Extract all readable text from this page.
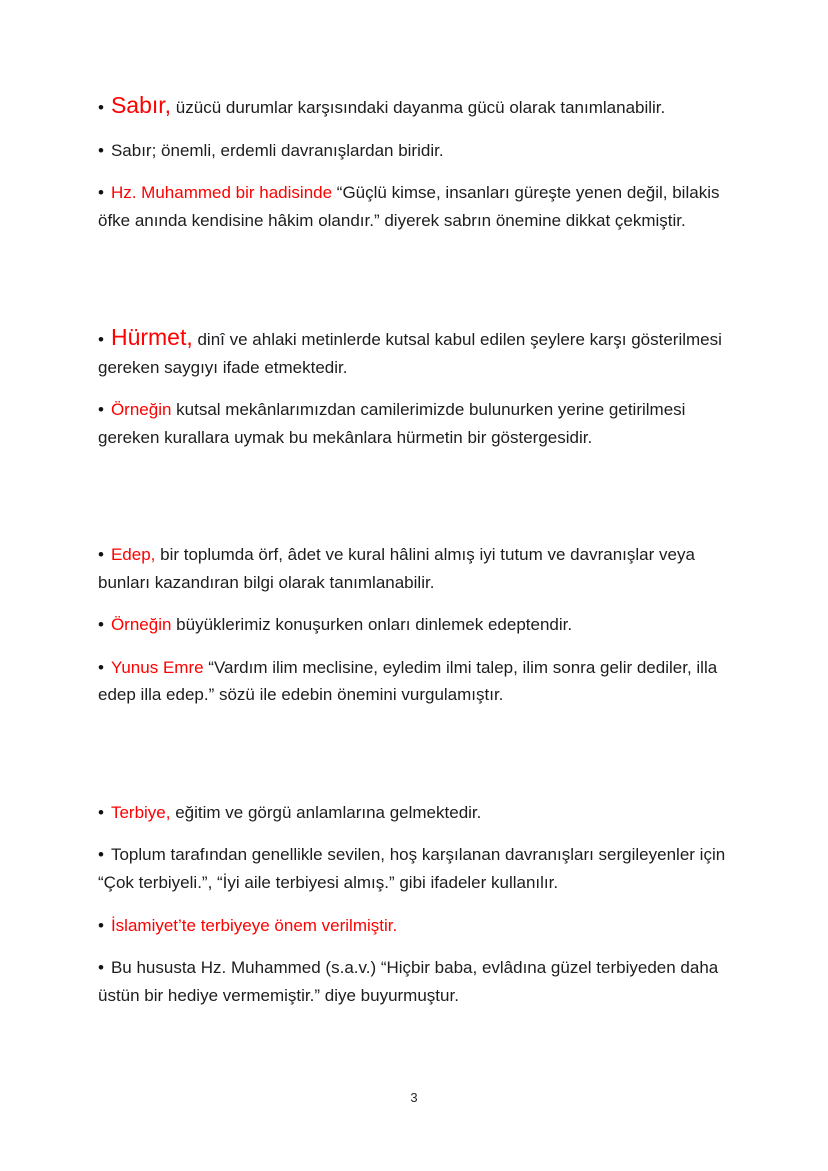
• Sabır, üzücü durumlar karşısındaki dayanma gücü olarak tanımlanabilir.

• Sabır; önemli, erdemli davranışlardan biridir.

• Hz. Muhammed bir hadisinde “Güçlü kimse, insanları güreşte yenen değil, bilakis öfke anında kendisine hâkim olandır.” diyerek sabrın önemine dikkat çekmiştir.

• Hürmet, dinî ve ahlaki metinlerde kutsal kabul edilen şeylere karşı gösterilmesi gereken saygıyı ifade etmektedir.

• Örneğin kutsal mekânlarımızdan camilerimizde bulunurken yerine getirilmesi gereken kurallara uymak bu mekânlara hürmetin bir göstergesidir.

• Edep, bir toplumda örf, âdet ve kural hâlini almış iyi tutum ve davranışlar veya bunları kazandıran bilgi olarak tanımlanabilir.

• Örneğin büyüklerimiz konuşurken onları dinlemek edeptendir.

• Yunus Emre “Vardım ilim meclisine, eyledim ilmi talep, ilim sonra gelir dediler, illa edep illa edep.” sözü ile edebin önemini vurgulamıştır.

• Terbiye, eğitim ve görgü anlamlarına gelmektedir.

• Toplum tarafından genellikle sevilen, hoş karşılanan davranışları sergileyenler için “Çok terbiyeli.”, “İyi aile terbiyesi almış.” gibi ifadeler kullanılır.

• İslamiyet’te terbiyeye önem verilmiştir.

• Bu hususta Hz. Muhammed (s.a.v.) “Hiçbir baba, evlâdına güzel terbiyeden daha üstün bir hediye vermemiştir.” diye buyurmuştur.

3
